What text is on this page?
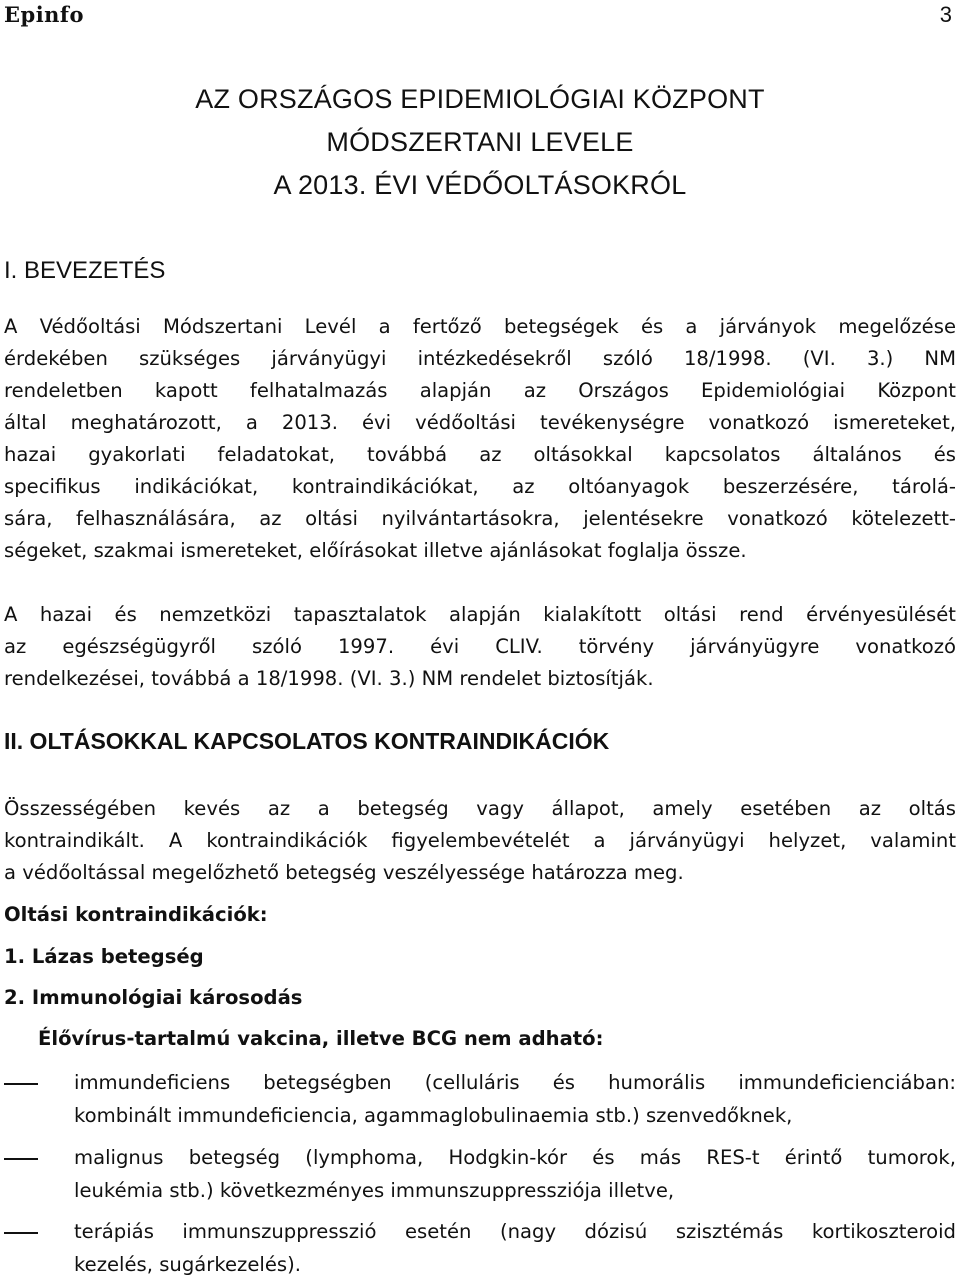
Epinfo	3
AZ ORSZÁGOS EPIDEMIOLÓGIAI KÖZPONT
MÓDSZERTANI LEVELE
A 2013. ÉVI VÉDŐOLTÁSOKRÓL
I. BEVEZETÉS
A Védőoltási Módszertani Levél a fertőző betegségek és a járványok megelőzése
érdekében szükséges járványügyi intézkedésekről szóló 18/1998. (VI. 3.) NM
rendeletben kapott felhatalmazás alapján az Országos Epidemiológiai Központ
által meghatározott, a 2013. évi védőoltási tevékenységre vonatkozó ismereteket,
hazai gyakorlati feladatokat, továbbá az oltásokkal kapcsolatos általános és
specifikus indikációkat, kontraindikációkat, az oltóanyagok beszerzésére, tárolá-
sára, felhasználására, az oltási nyilvántartásokra, jelentésekre vonatkozó kötelezett-
ségeket, szakmai ismereteket, előírásokat illetve ajánlásokat foglalja össze.
A hazai és nemzetközi tapasztalatok alapján kialakított oltási rend érvényesülését
az egészségügyről szóló 1997. évi CLIV. törvény járványügyre vonatkozó
rendelkezései, továbbá a 18/1998. (VI. 3.) NM rendelet biztosítják.
II. OLTÁSOKKAL KAPCSOLATOS KONTRAINDIKÁCIÓK
Összességében kevés az a betegség vagy állapot, amely esetében az oltás
kontraindikált. A kontraindikációk figyelembevételét a járványügyi helyzet, valamint
a védőoltással megelőzhető betegség veszélyessége határozza meg.
Oltási kontraindikációk:
1. Lázas betegség
2. Immunológiai károsodás
Élővírus-tartalmú vakcina, illetve BCG nem adható:
immundeficiens betegségben (celluláris és humorális immundeficienciában:
kombinált immundeficiencia, agammaglobulinaemia stb.) szenvedőknek,
malignus betegség (lymphoma, Hodgkin-kór és más RES-t érintő tumorok,
leukémia stb.) következményes immunszuppressziója illetve,
terápiás immunszuppresszió esetén (nagy dózisú szisztémás kortikoszteroid
kezelés, sugárkezelés).
